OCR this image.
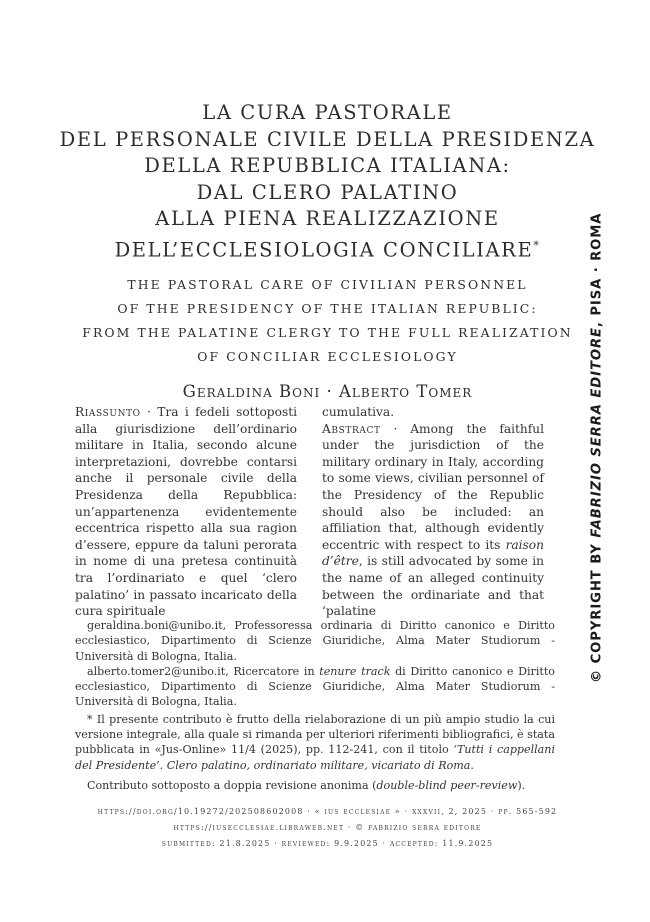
LA CURA PASTORALE
DEL PERSONALE CIVILE DELLA PRESIDENZA
DELLA REPUBBLICA ITALIANA:
DAL CLERO PALATINO
ALLA PIENA REALIZZAZIONE
DELL’ECCLESIOLOGIA CONCILIARE*
THE PASTORAL CARE OF CIVILIAN PERSONNEL
OF THE PRESIDENCY OF THE ITALIAN REPUBLIC:
FROM THE PALATINE CLERGY TO THE FULL REALIZATION
OF CONCILIAR ECCLESIOLOGY
Geraldina Boni · Alberto Tomer
Riassunto · Tra i fedeli sottoposti alla giurisdizione dell’ordinario militare in Italia, secondo alcune interpretazioni, dovrebbe contarsi anche il personale civile della Presidenza della Repubblica: un’appartenenza evidentemente eccentrica rispetto alla sua ragion d’essere, eppure da taluni perorata in nome di una pretesa continuità tra l’ordinariato e quel ‘clero palatino’ in passato incaricato della cura spirituale
cumulativa.
Abstract · Among the faithful under the jurisdiction of the military ordinary in Italy, according to some views, civilian personnel of the Presidency of the Republic should also be included: an affiliation that, although evidently eccentric with respect to its raison d’être, is still advocated by some in the name of an alleged continuity between the ordinariate and that ‘palatine

geraldina.boni@unibo.it, Professoressa ordinaria di Diritto canonico e Diritto ecclesiastico, Dipartimento di Scienze Giuridiche, Alma Mater Studiorum - Università di Bologna, Italia.

alberto.tomer2@unibo.it, Ricercatore in tenure track di Diritto canonico e Diritto ecclesiastico, Dipartimento di Scienze Giuridiche, Alma Mater Studiorum - Università di Bologna, Italia.

* Il presente contributo è frutto della rielaborazione di un più ampio studio la cui versione integrale, alla quale si rimanda per ulteriori riferimenti bibliografici, è stata pubblicata in «Jus-Online» 11/4 (2025), pp. 112-241, con il titolo ‘Tutti i cappellani del Presidente’. Clero palatino, ordinariato militare, vicariato di Roma.

Contributo sottoposto a doppia revisione anonima (double-blind peer-review).

https://doi.org/10.19272/202508602008 · « ius ecclesiae » · xxxvii, 2, 2025 · pp. 565-592
https://iusecclesiae.libraweb.net · © fabrizio serra editore
submitted: 21.8.2025 · reviewed: 9.9.2025 · accepted: 11.9.2025
© COPYRIGHT BY FABRIZIO SERRA EDITORE, PISA · ROMA
